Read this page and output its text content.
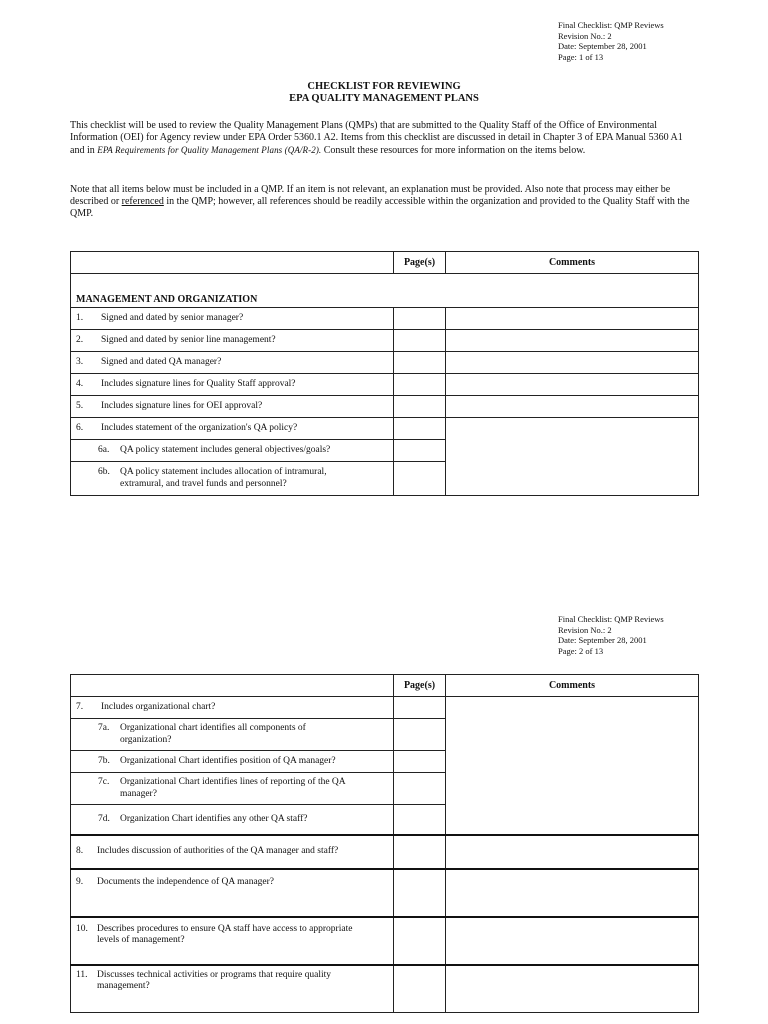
Final Checklist: QMP Reviews
Revision No.: 2
Date: September 28, 2001
Page: 1 of 13
CHECKLIST FOR REVIEWING
EPA QUALITY MANAGEMENT PLANS
This checklist will be used to review the Quality Management Plans (QMPs) that are submitted to the Quality Staff of the Office of Environmental Information (OEI) for Agency review under EPA Order 5360.1 A2. Items from this checklist are discussed in detail in Chapter 3 of EPA Manual 5360 A1 and in EPA Requirements for Quality Management Plans (QA/R-2). Consult these resources for more information on the items below.
Note that all items below must be included in a QMP. If an item is not relevant, an explanation must be provided. Also note that process may either be described or referenced in the QMP; however, all references should be readily accessible within the organization and provided to the Quality Staff with the QMP.
	Page(s)	Comments
MANAGEMENT AND ORGANIZATION		

1. Signed and dated by senior manager?		

2. Signed and dated by senior line management?		

3. Signed and dated QA manager?		

4. Includes signature lines for Quality Staff approval?		

5. Includes signature lines for OEI approval?		

6. Includes statement of the organization's QA policy?		

6a. QA policy statement includes general objectives/goals?		

6b. QA policy statement includes allocation of intramural, extramural, and travel funds and personnel?		

Final Checklist: QMP Reviews
Revision No.: 2
Date: September 28, 2001
Page: 2 of 13
	Page(s)	Comments

7. Includes organizational chart?		

7a. Organizational chart identifies all components of organization?		

7b. Organizational Chart identifies position of QA manager?		

7c. Organizational Chart identifies lines of reporting of the QA manager?		

7d. Organization Chart identifies any other QA staff?		

8. Includes discussion of authorities of the QA manager and staff?		

9. Documents the independence of QA manager?		

10. Describes procedures to ensure QA staff have access to appropriate levels of management?		

11. Discusses technical activities or programs that require quality management?		
